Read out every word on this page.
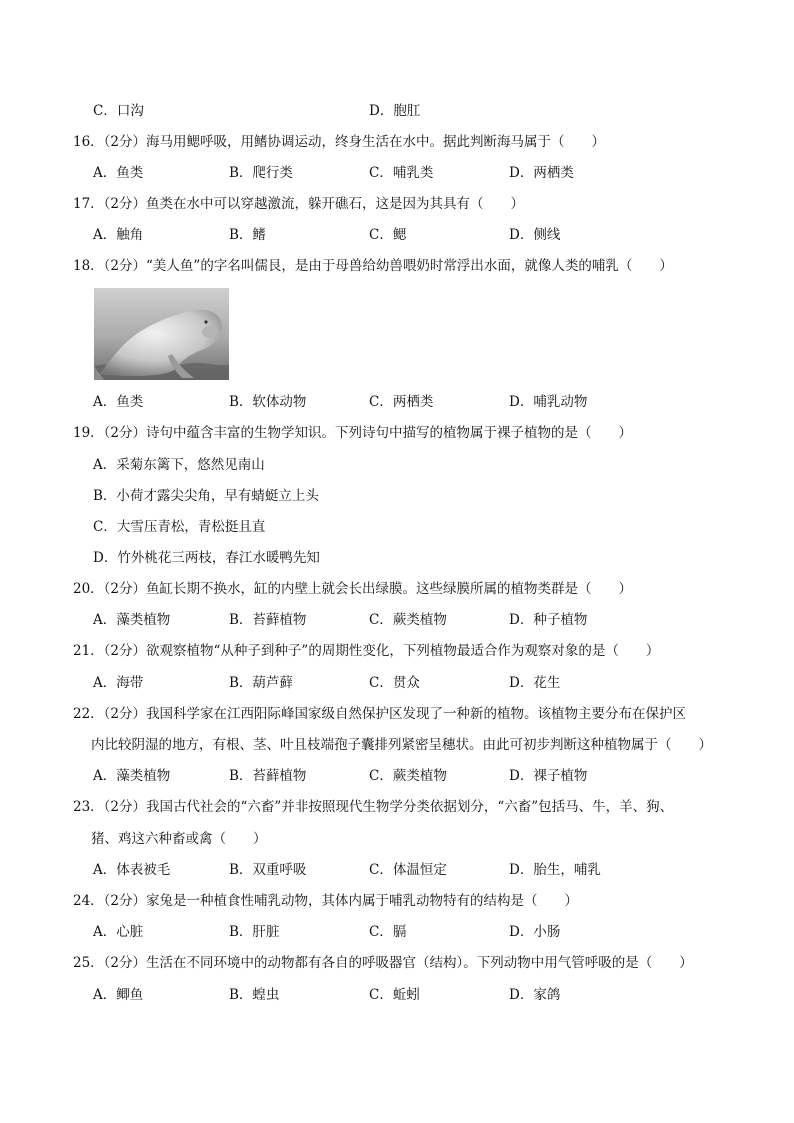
C．口沟	D．胞肛
16．（2分）海马用鳃呼吸，用鳍协调运动，终身生活在水中。据此判断海马属于（　　）
A．鱼类	B．爬行类	C．哺乳类	D．两栖类
17．（2分）鱼类在水中可以穿越激流，躲开礁石，这是因为其具有（　　）
A．触角	B．鳍	C．鳃	D．侧线
18．（2分）“美人鱼”的字名叫儒艮，是由于母兽给幼兽喂奶时常浮出水面，就像人类的哺乳（　　）
A．鱼类	B．软体动物	C．两栖类	D．哺乳动物
19．（2分）诗句中蕴含丰富的生物学知识。下列诗句中描写的植物属于裸子植物的是（　　）
A．采菊东篱下，悠然见南山
B．小荷才露尖尖角，早有蜻蜓立上头
C．大雪压青松，青松挺且直
D．竹外桃花三两枝，春江水暖鸭先知
20．（2分）鱼缸长期不换水，缸的内壁上就会长出绿膜。这些绿膜所属的植物类群是（　　）
A．藻类植物	B．苔藓植物	C．蕨类植物	D．种子植物
21．（2分）欲观察植物“从种子到种子”的周期性变化，下列植物最适合作为观察对象的是（　　）
A．海带	B．葫芦藓	C．贯众	D．花生
22．（2分）我国科学家在江西阳际峰国家级自然保护区发现了一种新的植物。该植物主要分布在保护区
内比较阴湿的地方，有根、茎、叶且枝端孢子囊排列紧密呈穗状。由此可初步判断这种植物属于（　　）
A．藻类植物	B．苔藓植物	C．蕨类植物	D．裸子植物
23．（2分）我国古代社会的“六畜”并非按照现代生物学分类依据划分，“六畜”包括马、牛，羊、狗、
猪、鸡这六种畜或禽（　　）
A．体表被毛	B．双重呼吸	C．体温恒定	D．胎生，哺乳
24．（2分）家兔是一种植食性哺乳动物，其体内属于哺乳动物特有的结构是（　　）
A．心脏	B．肝脏	C．膈	D．小肠
25．（2分）生活在不同环境中的动物都有各自的呼吸器官（结构）。下列动物中用气管呼吸的是（　　）
A．鲫鱼	B．蝗虫	C．蚯蚓	D．家鸽
